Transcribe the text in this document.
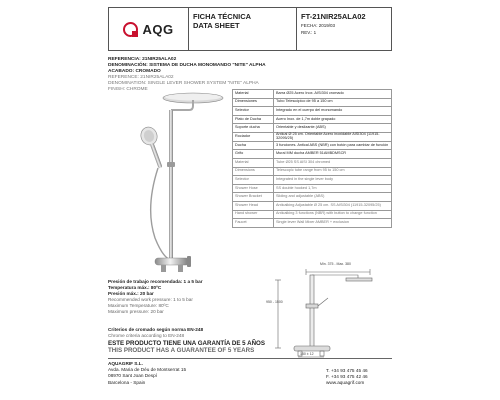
AQG
FICHA TÉCNICA
DATA SHEET
FT-21NIR25ALA02
FECHA: 2019/03
REV.: 1
REFERENCIA: 21NIR25ALA02
DENOMINACIÓN: SISTEMA DE DUCHA MONOMANDO "NITE" ALPHA
ACABADO: CROMADO
REFERENCE: 21NIR25ALA02
DENOMINATION: SINGLE LEVER SHOWER SYSTEM "NITE" ALPHA
FINISH: CHROME
Material	Barra Ø25 Acero Inox. AISI304 cromado
Dimensiones	Tubo Telescópico de 95 a 150 cm
Selector	Integrado en el cuerpo del monomando
Plato de Ducha	Acero Inox. de 1,7m doble grapado
Soporte ducha	Orientable y deslizante (ABS)
Rociador	Antical Ø 25 cm. Orientable Acero inoxidable AISI304 (11915-32095/25)
Ducha	3 funciones. Antical ABS (NBR) con botón para cambiar de función
Grifo	Mural MM ducha AMBER 51AMBDMSCR
Material	Tube Ø25 SS AISI 304 chromed
Dimensions	Telescopic tube range from 95 to 150 cm
Selector	Integrated in the single lever body
Shower Hose	SS double hooked 1,7m
Shower Bracket	Sliding and adjustable (ABS)
Shower Head	Anticalking Adjustable Ø 25 cm. SS AISI304 (11915-32095/25)
Hand shower	Anticalking 3 functions (NBR) with button to change function
Faucet	Single lever Wall Mixer AMBER + exclusion
Min. 375 - Max. 380
950 - 1500
150 ± 12
Presión de trabajo recomendada: 1 a 5 bar
Temperatura máx.: 80ºC
Presión máx.: 20 bar
Recommended work pressure: 1 to 5 bar
Maximum Temperature: 80ºC
Maximum pressure: 20 bar
Criterios de cromado según norma EN-248
Chrome criteria according to EN-248
ESTE PRODUCTO TIENE UNA GARANTÍA DE 5 AÑOS
THIS PRODUCT HAS A GUARANTEE OF 5 YEARS
AQUAGRIF S.L.
Avda. Maria de Déu de Montserrat 15
08970 Sant Joan Despí
Barcelona - Spain
T. +34 93 475 45 46
F. +34 93 475 42 46
www.aquagrif.com
